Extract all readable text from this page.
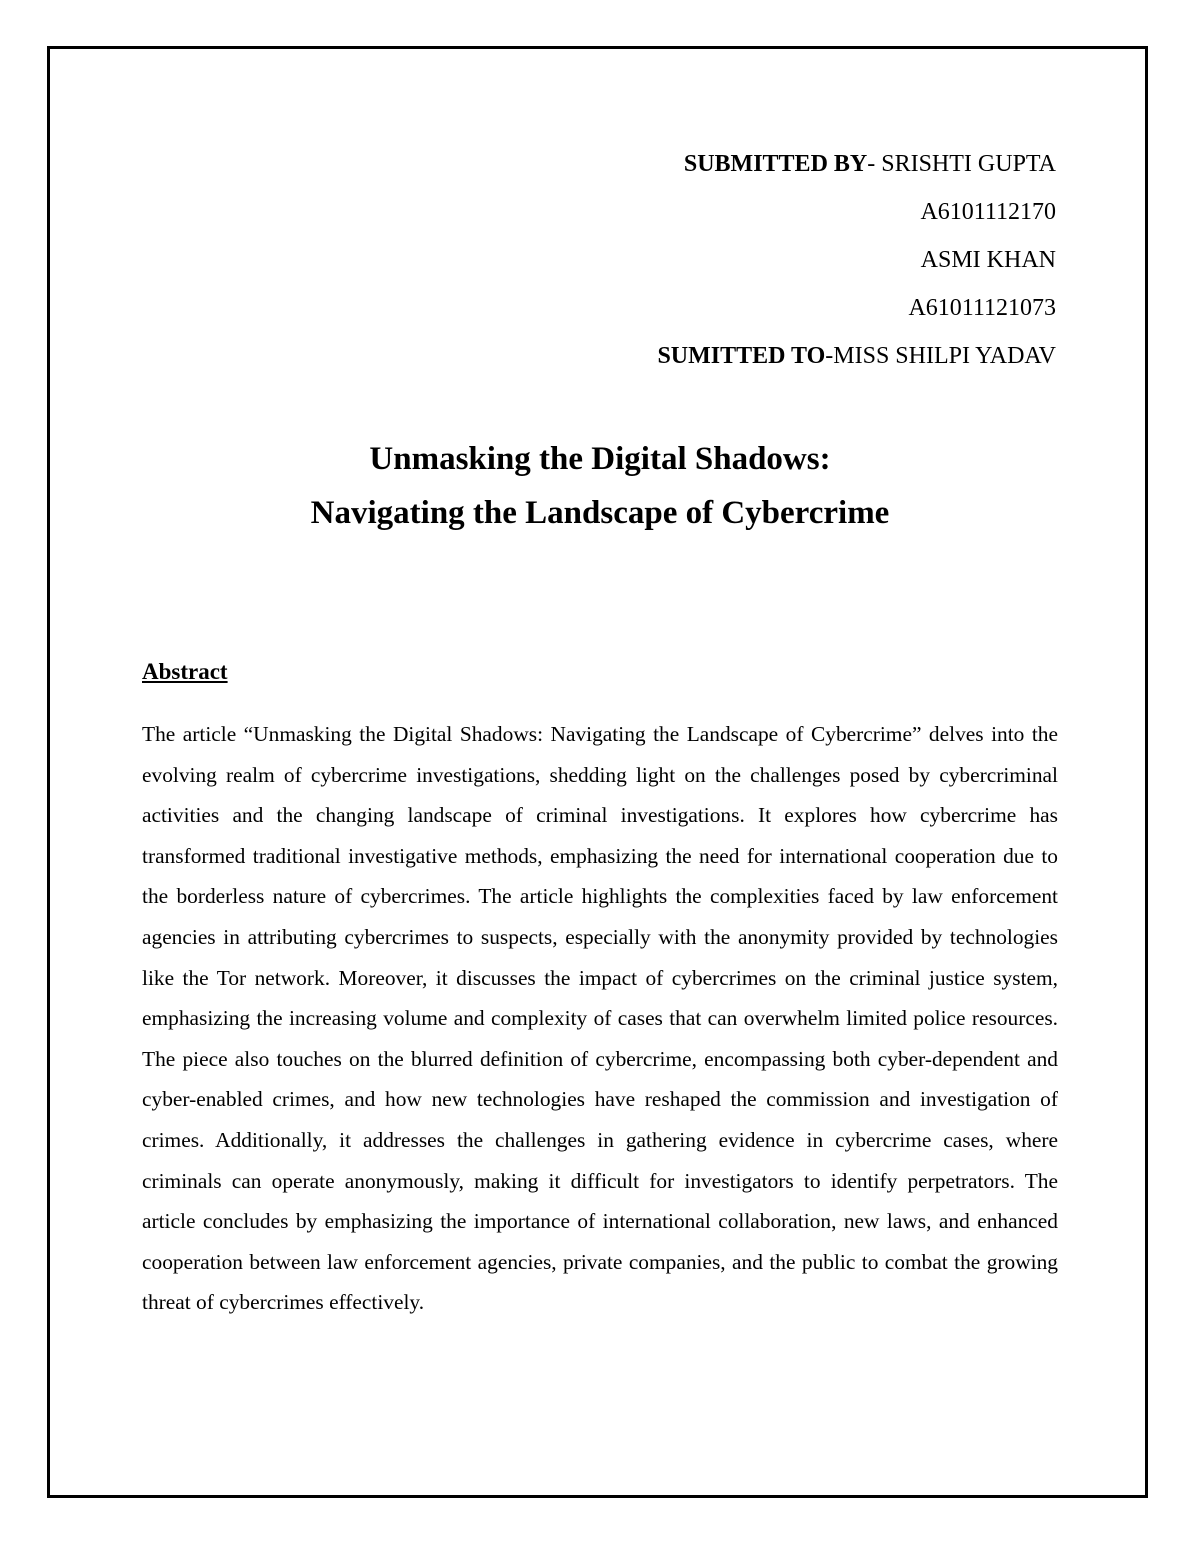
SUBMITTED BY- SRISHTI GUPTA
A6101112170
ASMI KHAN
A61011121073
SUMITTED TO-MISS SHILPI YADAV
Unmasking the Digital Shadows:
Navigating the Landscape of Cybercrime
Abstract

The article “Unmasking the Digital Shadows: Navigating the Landscape of Cybercrime” delves into the evolving realm of cybercrime investigations, shedding light on the challenges posed by cybercriminal activities and the changing landscape of criminal investigations. It explores how cybercrime has transformed traditional investigative methods, emphasizing the need for international cooperation due to the borderless nature of cybercrimes. The article highlights the complexities faced by law enforcement agencies in attributing cybercrimes to suspects, especially with the anonymity provided by technologies like the Tor network. Moreover, it discusses the impact of cybercrimes on the criminal justice system, emphasizing the increasing volume and complexity of cases that can overwhelm limited police resources. The piece also touches on the blurred definition of cybercrime, encompassing both cyber-dependent and cyber-enabled crimes, and how new technologies have reshaped the commission and investigation of crimes. Additionally, it addresses the challenges in gathering evidence in cybercrime cases, where criminals can operate anonymously, making it difficult for investigators to identify perpetrators. The article concludes by emphasizing the importance of international collaboration, new laws, and enhanced cooperation between law enforcement agencies, private companies, and the public to combat the growing threat of cybercrimes effectively.
